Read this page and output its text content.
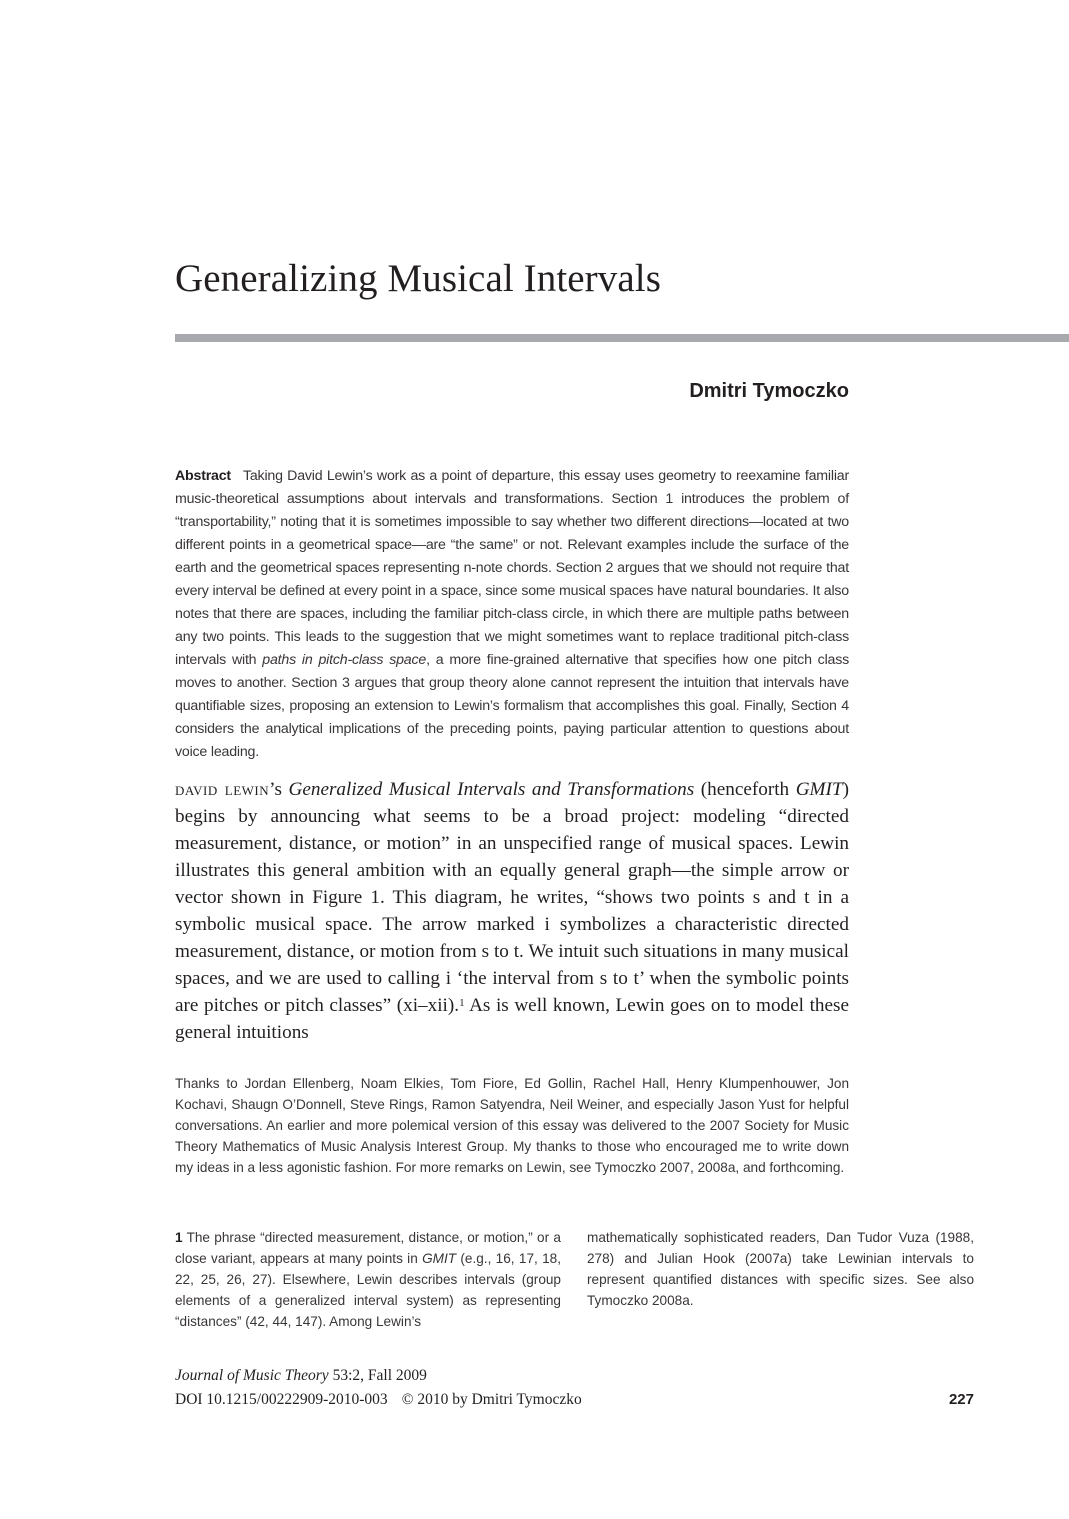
Generalizing Musical Intervals
Dmitri Tymoczko
Abstract Taking David Lewin’s work as a point of departure, this essay uses geometry to reexamine familiar music-theoretical assumptions about intervals and transformations. Section 1 introduces the problem of “transportability,” noting that it is sometimes impossible to say whether two different directions—located at two different points in a geometrical space—are “the same” or not. Relevant examples include the surface of the earth and the geometrical spaces representing n-note chords. Section 2 argues that we should not require that every interval be defined at every point in a space, since some musical spaces have natural boundaries. It also notes that there are spaces, including the familiar pitch-class circle, in which there are multiple paths between any two points. This leads to the suggestion that we might sometimes want to replace traditional pitch-class intervals with paths in pitch-class space, a more fine-grained alternative that specifies how one pitch class moves to another. Section 3 argues that group theory alone cannot represent the intuition that intervals have quantifiable sizes, proposing an extension to Lewin’s formalism that accomplishes this goal. Finally, Section 4 considers the analytical implications of the preceding points, paying particular attention to questions about voice leading.

david lewin’s Generalized Musical Intervals and Transformations (henceforth GMIT) begins by announcing what seems to be a broad project: modeling “directed measurement, distance, or motion” in an unspecified range of musical spaces. Lewin illustrates this general ambition with an equally general graph—the simple arrow or vector shown in Figure 1. This diagram, he writes, “shows two points s and t in a symbolic musical space. The arrow marked i symbolizes a characteristic directed measurement, distance, or motion from s to t. We intuit such situations in many musical spaces, and we are used to calling i ‘the interval from s to t’ when the symbolic points are pitches or pitch classes” (xi–xii).$^1$ As is well known, Lewin goes on to model these general intuitions

Thanks to Jordan Ellenberg, Noam Elkies, Tom Fiore, Ed Gollin, Rachel Hall, Henry Klumpenhouwer, Jon Kochavi, Shaugn O’Donnell, Steve Rings, Ramon Satyendra, Neil Weiner, and especially Jason Yust for helpful conversations. An earlier and more polemical version of this essay was delivered to the 2007 Society for Music Theory Mathematics of Music Analysis Interest Group. My thanks to those who encouraged me to write down my ideas in a less agonistic fashion. For more remarks on Lewin, see Tymoczko 2007, 2008a, and forthcoming.

1 The phrase “directed measurement, distance, or motion,” or a close variant, appears at many points in GMIT (e.g., 16, 17, 18, 22, 25, 26, 27). Elsewhere, Lewin describes intervals (group elements of a generalized interval system) as representing “distances” (42, 44, 147). Among Lewin’s

mathematically sophisticated readers, Dan Tudor Vuza (1988, 278) and Julian Hook (2007a) take Lewinian intervals to represent quantified distances with specific sizes. See also Tymoczko 2008a.

Journal of Music Theory 53:2, Fall 2009
DOI 10.1215/00222909-2010-003 © 2010 by Dmitri Tymoczko	227
